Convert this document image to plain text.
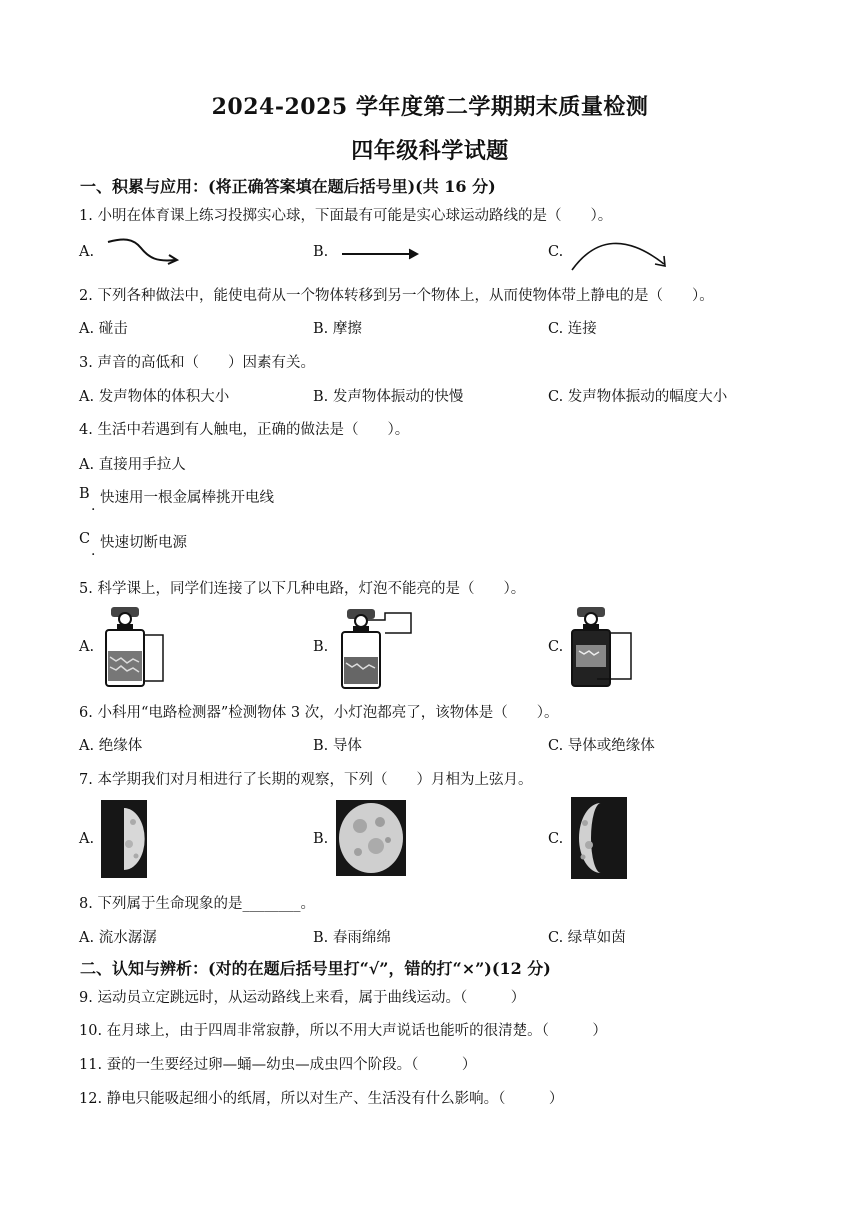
2024-2025 学年度第二学期期末质量检测
四年级科学试题
一、积累与应用：(将正确答案填在题后括号里)(共 16 分)
1. 小明在体育课上练习投掷实心球，下面最有可能是实心球运动路线的是（　　）。
A.	B.	C.
2. 下列各种做法中，能使电荷从一个物体转移到另一个物体上，从而使物体带上静电的是（　　）。
A. 碰击	B. 摩擦	C. 连接
3. 声音的高低和（　　）因素有关。
A. 发声物体的体积大小	B. 发声物体振动的快慢	C. 发声物体振动的幅度大小
4. 生活中若遇到有人触电，正确的做法是（　　）。
A. 直接用手拉人
B
·
快速用一根金属棒挑开电线
C
·
快速切断电源
5. 科学课上，同学们连接了以下几种电路，灯泡不能亮的是（　　）。
A.	B.	C.
6. 小科用“电路检测器”检测物体 3 次，小灯泡都亮了，该物体是（　　）。
A. 绝缘体	B. 导体	C. 导体或绝缘体
7. 本学期我们对月相进行了长期的观察，下列（　　）月相为上弦月。
A.	B.	C.
8. 下列属于生命现象的是________。
A. 流水潺潺	B. 春雨绵绵	C. 绿草如茵
二、认知与辨析：(对的在题后括号里打“√”，错的打“×”)(12 分)
9. 运动员立定跳远时，从运动路线上来看，属于曲线运动。（　　　）
10. 在月球上，由于四周非常寂静，所以不用大声说话也能听的很清楚。（　　　）
11. 蚕的一生要经过卵—蛹—幼虫—成虫四个阶段。（　　　）
12. 静电只能吸起细小的纸屑，所以对生产、生活没有什么影响。（　　　）
